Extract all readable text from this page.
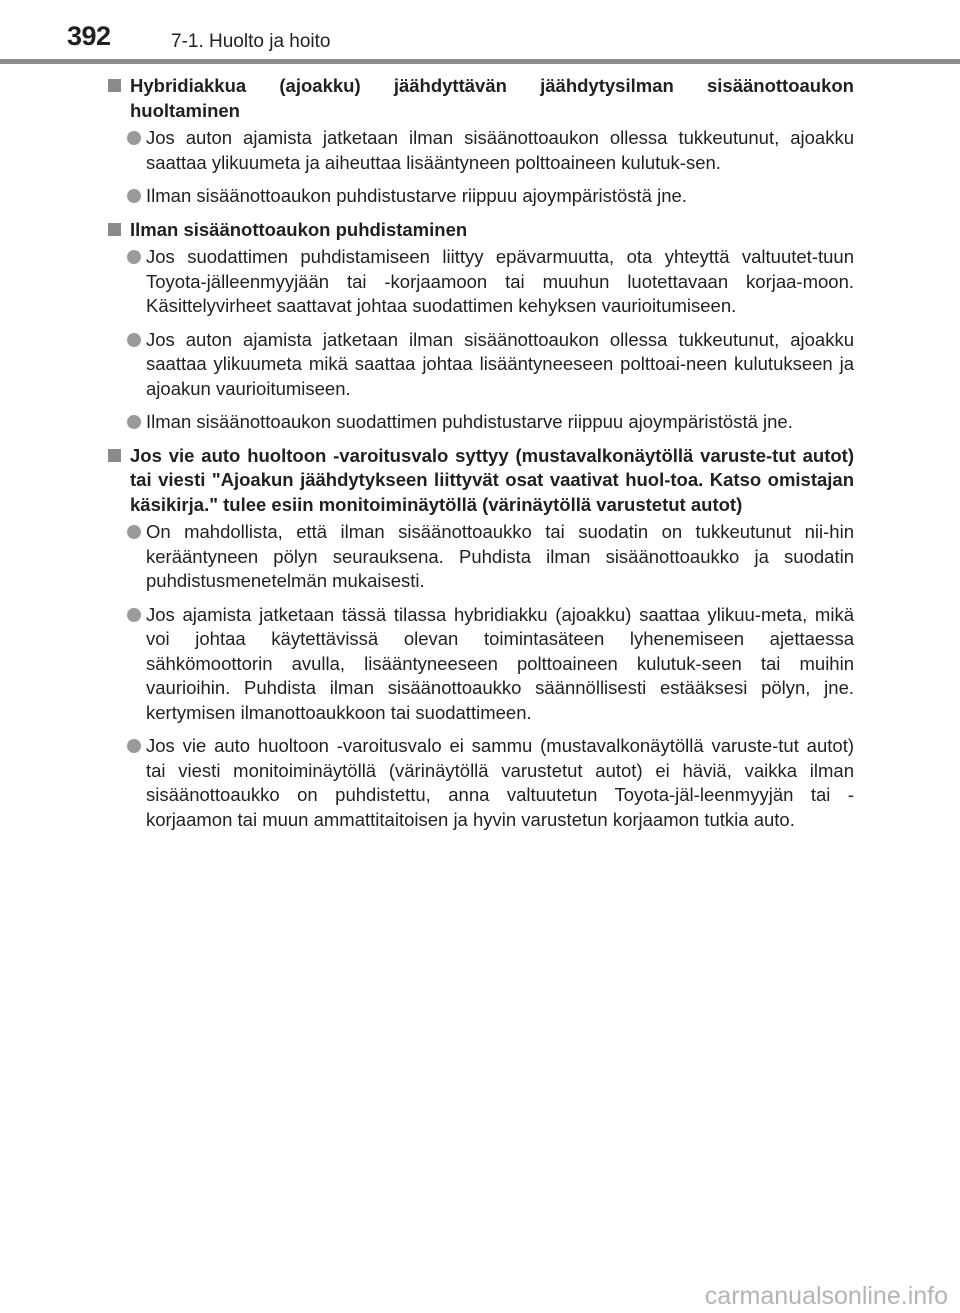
392	7-1. Huolto ja hoito
Hybridiakkua (ajoakku) jäähdyttävän jäähdytysilman sisäänottoaukon huoltaminen
Jos auton ajamista jatketaan ilman sisäänottoaukon ollessa tukkeutunut, ajoakku saattaa ylikuumeta ja aiheuttaa lisääntyneen polttoaineen kulutuk-sen.
Ilman sisäänottoaukon puhdistustarve riippuu ajoympäristöstä jne.
Ilman sisäänottoaukon puhdistaminen
Jos suodattimen puhdistamiseen liittyy epävarmuutta, ota yhteyttä valtuutet-tuun Toyota-jälleenmyyjään tai -korjaamoon tai muuhun luotettavaan korjaa-moon. Käsittelyvirheet saattavat johtaa suodattimen kehyksen vaurioitumiseen.
Jos auton ajamista jatketaan ilman sisäänottoaukon ollessa tukkeutunut, ajoakku saattaa ylikuumeta mikä saattaa johtaa lisääntyneeseen polttoai-neen kulutukseen ja ajoakun vaurioitumiseen.
Ilman sisäänottoaukon suodattimen puhdistustarve riippuu ajoympäristöstä jne.
Jos vie auto huoltoon -varoitusvalo syttyy (mustavalkonäytöllä varuste-tut autot) tai viesti "Ajoakun jäähdytykseen liittyvät osat vaativat huol-toa. Katso omistajan käsikirja." tulee esiin monitoiminäytöllä (värinäytöllä varustetut autot)
On mahdollista, että ilman sisäänottoaukko tai suodatin on tukkeutunut nii-hin kerääntyneen pölyn seurauksena. Puhdista ilman sisäänottoaukko ja suodatin puhdistusmenetelmän mukaisesti.
Jos ajamista jatketaan tässä tilassa hybridiakku (ajoakku) saattaa ylikuu-meta, mikä voi johtaa käytettävissä olevan toimintasäteen lyhenemiseen ajettaessa sähkömoottorin avulla, lisääntyneeseen polttoaineen kulutuk-seen tai muihin vaurioihin. Puhdista ilman sisäänottoaukko säännöllisesti estääksesi pölyn, jne. kertymisen ilmanottoaukkoon tai suodattimeen.
Jos vie auto huoltoon -varoitusvalo ei sammu (mustavalkonäytöllä varuste-tut autot) tai viesti monitoiminäytöllä (värinäytöllä varustetut autot) ei häviä, vaikka ilman sisäänottoaukko on puhdistettu, anna valtuutetun Toyota-jäl-leenmyyjän tai -korjaamon tai muun ammattitaitoisen ja hyvin varustetun korjaamon tutkia auto.
carmanualsonline.info
